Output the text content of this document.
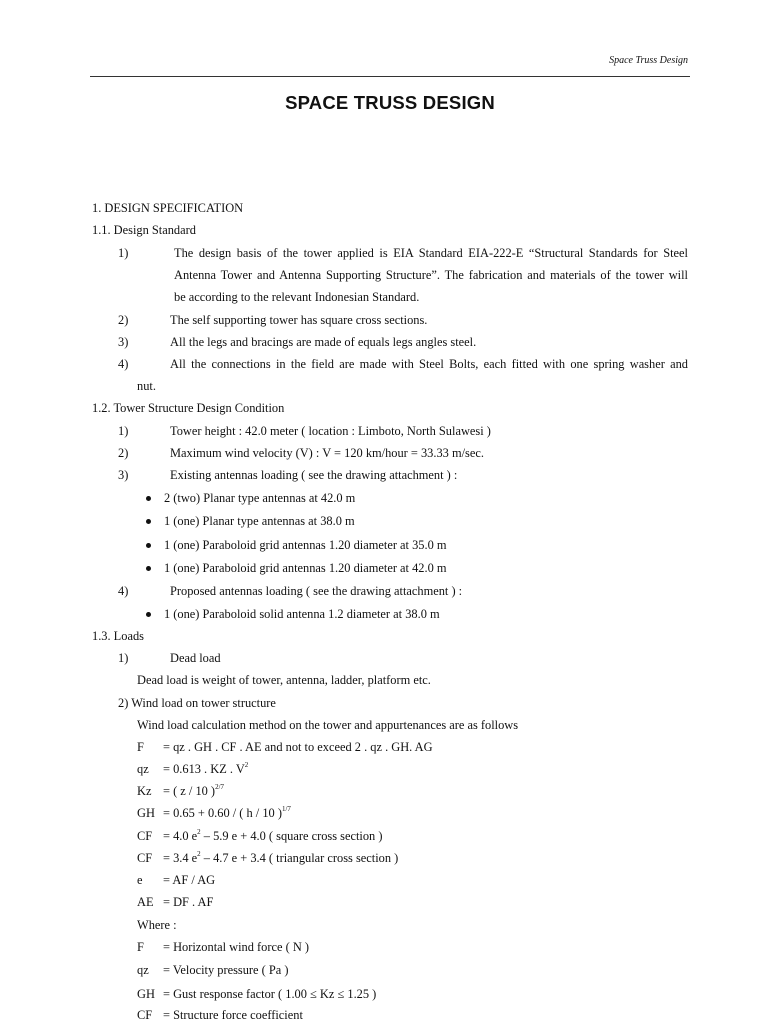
Space Truss Design
SPACE TRUSS DESIGN
1. DESIGN SPECIFICATION
1.1. Design Standard
1)	The design basis of the tower applied is EIA Standard EIA-222-E “Structural Standards for Steel
Antenna Tower and Antenna Supporting Structure”. The fabrication and materials of the tower will
be according to the relevant Indonesian Standard.
2)	The self supporting tower has square cross sections.
3)	All the legs and bracings are made of equals legs angles steel.
4)	All the connections in the field are made with Steel Bolts, each fitted with one spring washer and
nut.
1.2. Tower Structure Design Condition
1)	Tower height : 42.0 meter ( location : Limboto, North Sulawesi )
2)	Maximum wind velocity (V) : V = 120 km/hour = 33.33 m/sec.
3)	Existing antennas loading ( see the drawing attachment ) :
2 (two) Planar type antennas at 42.0 m
1 (one) Planar type antennas at 38.0 m
1 (one) Paraboloid grid antennas 1.20 diameter at 35.0 m
1 (one) Paraboloid grid antennas 1.20 diameter at 42.0 m
4)	Proposed antennas loading ( see the drawing attachment ) :
1 (one) Paraboloid solid antenna 1.2 diameter at 38.0 m
1.3. Loads
1)	Dead load
Dead load is weight of tower, antenna, ladder, platform etc.
2) Wind load on tower structure
Wind load calculation method on the tower and appurtenances are as follows
F = qz . GH . CF . AE and not to exceed 2 . qz . GH. AG
qz = 0.613 . KZ . $V^2$
Kz = ( z / 10 )$^{2/7}$
GH = 0.65 + 0.60 / ( h / 10 )$^{1/7}$
CF = 4.0 $e^2 - 5.9$ e + 4.0 ( square cross section )
CF = 3.4 $e^2 - 4.7$ e + 3.4 ( triangular cross section )
e = AF / AG
AE = DF . AF
Where :
F = Horizontal wind force ( N )
qz = Velocity pressure ( Pa )
GH = Gust response factor ( 1.00 ≤ Kz ≤ 1.25 )
CF = Structure force coefficient
